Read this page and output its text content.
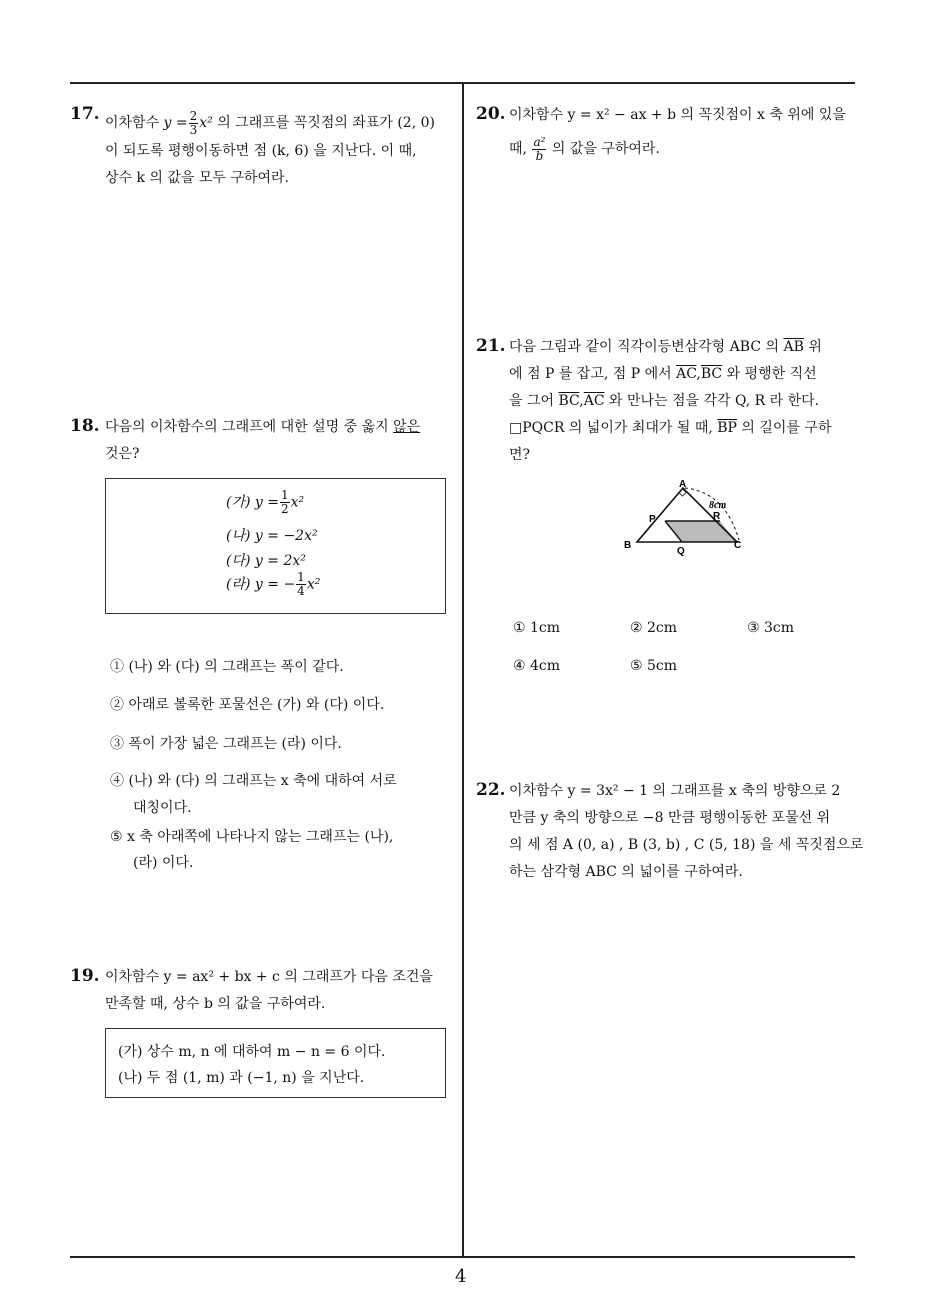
17. 이차함수 $y = \frac{2}{3} x^2$ 의 그래프를 꼭짓점의 좌표가 (2, 0)
이 되도록 평행이동하면 점 (k, 6) 을 지난다. 이 때,
상수 k 의 값을 모두 구하여라.
18. 다음의 이차함수의 그래프에 대한 설명 중 옳지 않은
것은?
(가) $y = \frac{1}{2} x^2$
(나) y = −2x²
(다) y = 2x²
(라) y = − $\frac{1}{4} x^2$
① (나) 와 (다) 의 그래프는 폭이 같다.
② 아래로 볼록한 포물선은 (가) 와 (다) 이다.
③ 폭이 가장 넓은 그래프는 (라) 이다.
④ (나) 와 (다) 의 그래프는 x 축에 대하여 서로
대칭이다.
⑤ x 축 아래쪽에 나타나지 않는 그래프는 (나),
(라) 이다.
19. 이차함수 y = ax² + bx + c 의 그래프가 다음 조건을
만족할 때, 상수 b 의 값을 구하여라.
(가) 상수 m, n 에 대하여 m − n = 6 이다.
(나) 두 점 (1, m) 과 (−1, n) 을 지난다.
20. 이차함수 y = x² − ax + b 의 꼭짓점이 x 축 위에 있을
때, $\frac{\text{a²}}{b}$ 의 값을 구하여라.
21. 다음 그림과 같이 직각이등변삼각형 ABC 의 $\overline{AB}$ 위
에 점 P 를 잡고, 점 P 에서 $\overline{AC},\overline{BC}$ 와 평행한 직선
을 그어 $\overline{BC},\overline{AC}$ 와 만나는 점을 각각 Q, R 라 한다.
□PQCR 의 넓이가 최대가 될 때, $\overline{BP}$ 의 길이를 구하
면?
A
B	C
P
Q
R
8cm
① 1cm	② 2cm	③ 3cm
④ 4cm	⑤ 5cm
22. 이차함수 y = 3x² − 1 의 그래프를 x 축의 방향으로 2
만큼 y 축의 방향으로 −8 만큼 평행이동한 포물선 위
의 세 점 A (0, a) , B (3, b) , C (5, 18) 을 세 꼭짓점으로
하는 삼각형 ABC 의 넓이를 구하여라.
4
